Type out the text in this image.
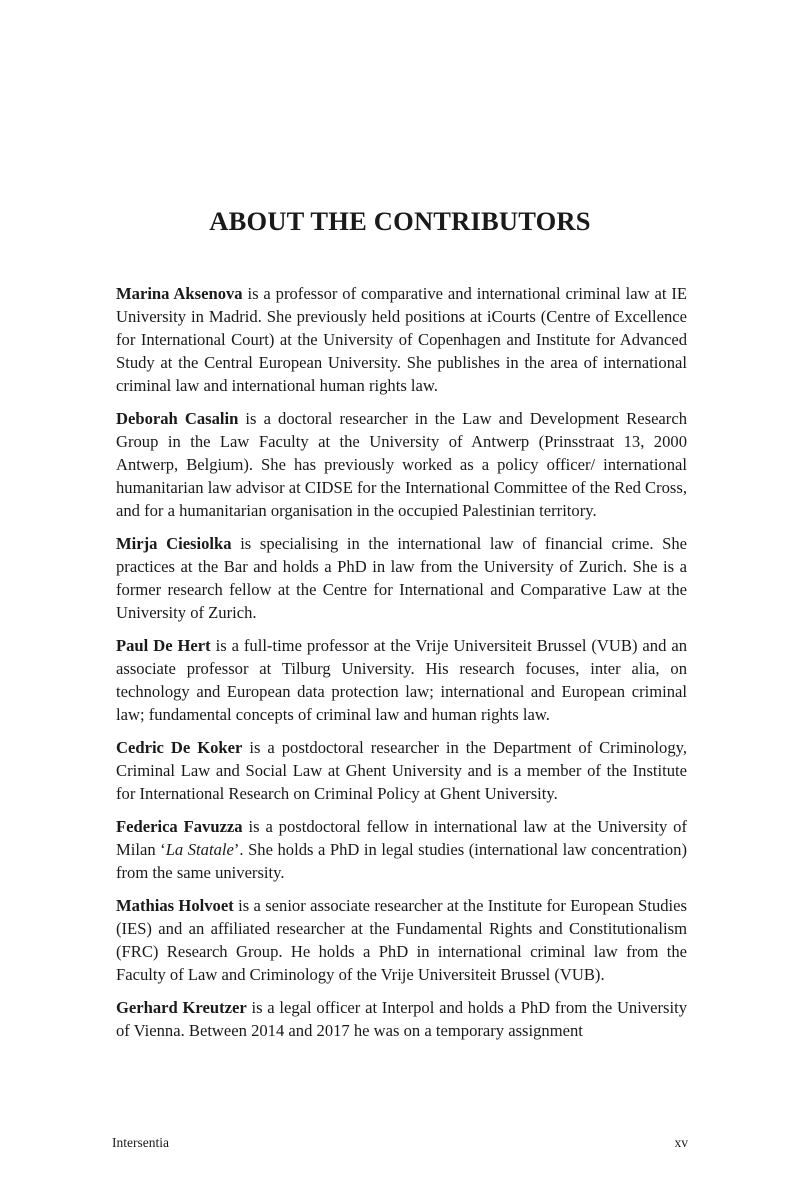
ABOUT THE CONTRIBUTORS

Marina Aksenova is a professor of comparative and international criminal law at IE University in Madrid. She previously held positions at iCourts (Centre of Excellence for International Court) at the University of Copenhagen and Institute for Advanced Study at the Central European University. She publishes in the area of international criminal law and international human rights law.

Deborah Casalin is a doctoral researcher in the Law and Development Research Group in the Law Faculty at the University of Antwerp (Prinsstraat 13, 2000 Antwerp, Belgium). She has previously worked as a policy officer/ international humanitarian law advisor at CIDSE for the International Committee of the Red Cross, and for a humanitarian organisation in the occupied Palestinian territory.

Mirja Ciesiolka is specialising in the international law of financial crime. She practices at the Bar and holds a PhD in law from the University of Zurich. She is a former research fellow at the Centre for International and Comparative Law at the University of Zurich.

Paul De Hert is a full-time professor at the Vrije Universiteit Brussel (VUB) and an associate professor at Tilburg University. His research focuses, inter alia, on technology and European data protection law; international and European criminal law; fundamental concepts of criminal law and human rights law.

Cedric De Koker is a postdoctoral researcher in the Department of Criminology, Criminal Law and Social Law at Ghent University and is a member of the Institute for International Research on Criminal Policy at Ghent University.

Federica Favuzza is a postdoctoral fellow in international law at the University of Milan ‘La Statale’. She holds a PhD in legal studies (international law concentration) from the same university.

Mathias Holvoet is a senior associate researcher at the Institute for European Studies (IES) and an affiliated researcher at the Fundamental Rights and Constitutionalism (FRC) Research Group. He holds a PhD in international criminal law from the Faculty of Law and Criminology of the Vrije Universiteit Brussel (VUB).

Gerhard Kreutzer is a legal officer at Interpol and holds a PhD from the University of Vienna. Between 2014 and 2017 he was on a temporary assignment

Intersentia	xv
